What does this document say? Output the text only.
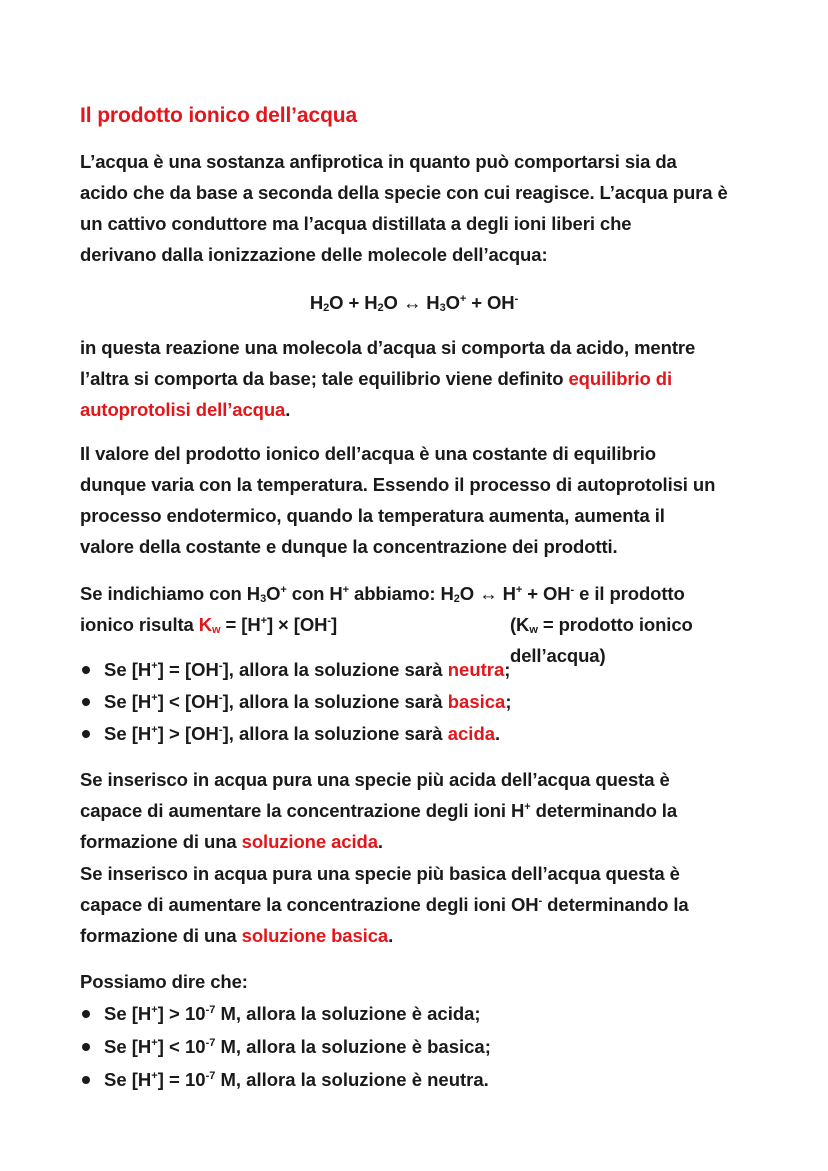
Il prodotto ionico dell’acqua
L’acqua è una sostanza anfiprotica in quanto può comportarsi sia da
acido che da base a seconda della specie con cui reagisce. L’acqua pura è
un cattivo conduttore ma l’acqua distillata a degli ioni liberi che
derivano dalla ionizzazione delle molecole dell’acqua:
$H_2O + H_2O$ ↔ $H_3O^+ + OH^-$
in questa reazione una molecola d’acqua si comporta da acido, mentre
l’altra si comporta da base; tale equilibrio viene definito equilibrio di
autoprotolisi dell’acqua.
Il valore del prodotto ionico dell’acqua è una costante di equilibrio
dunque varia con la temperatura. Essendo il processo di autoprotolisi un
processo endotermico, quando la temperatura aumenta, aumenta il
valore della costante e dunque la concentrazione dei prodotti.
Se indichiamo con $H_3O^+$ con H+ abbiamo: $H_2O$ ↔ H+ + OH- e il prodotto
ionico risulta $K_w = [H^+] \times [OH^-]$	($K_w$ = prodotto ionico dell’acqua)
Se [H+] = [OH-], allora la soluzione sarà neutra;
Se [H+] < [OH-], allora la soluzione sarà basica;
Se [H+] > [OH-], allora la soluzione sarà acida.
Se inserisco in acqua pura una specie più acida dell’acqua questa è
capace di aumentare la concentrazione degli ioni H+ determinando la
formazione di una soluzione acida.
Se inserisco in acqua pura una specie più basica dell’acqua questa è
capace di aumentare la concentrazione degli ioni OH- determinando la
formazione di una soluzione basica.
Possiamo dire che:
Se $[H^+] > 10^{-7}$ M, allora la soluzione è acida;
Se $[H^+] < 10^{-7}$ M, allora la soluzione è basica;
Se $[H^+] = 10^{-7}$ M, allora la soluzione è neutra.
